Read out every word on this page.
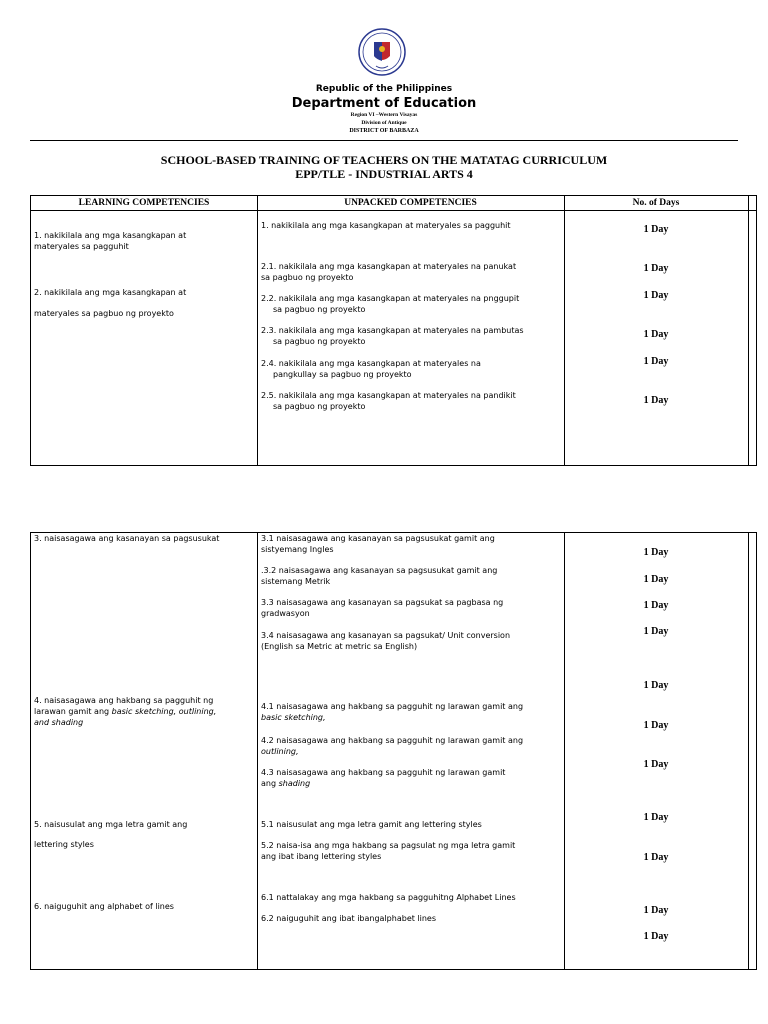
Republic of the Philippines
Department of Education
Region VI –Western Visayas
Division of Antique
DISTRICT OF BARBAZA
SCHOOL-BASED TRAINING OF TEACHERS ON THE MATATAG CURRICULUM
EPP/TLE - INDUSTRIAL ARTS 4
LEARNING COMPETENCIES	UNPACKED COMPETENCIES	No. of Days
1. nakikilala ang mga kasangkapan at
materyales sa pagguhit
2. nakikilala ang mga kasangkapan at
materyales sa pagbuo ng proyekto
1. nakikilala ang mga kasangkapan at materyales sa pagguhit
2.1. nakikilala ang mga kasangkapan at materyales na panukat
sa pagbuo ng proyekto
2.2. nakikilala ang mga kasangkapan at materyales na pnggupit
sa pagbuo ng proyekto
2.3. nakikilala ang mga kasangkapan at materyales na pambutas
sa pagbuo ng proyekto
2.4. nakikilala ang mga kasangkapan at materyales na
pangkullay sa pagbuo ng proyekto
2.5. nakikilala ang mga kasangkapan at materyales na pandikit
sa pagbuo ng proyekto
1 Day
1 Day
1 Day
1 Day
1 Day
1 Day
3. naisasagawa ang kasanayan sa pagsusukat
4. naisasagawa ang hakbang sa pagguhit ng
larawan gamit ang basic sketching, outlining,
and shading
5. naisusulat ang mga letra gamit ang
lettering styles
6. naiguguhit ang alphabet of lines
3.1 naisasagawa ang kasanayan sa pagsusukat gamit ang
sistyemang Ingles
.3.2 naisasagawa ang kasanayan sa pagsusukat gamit ang
sistemang Metrik
3.3 naisasagawa ang kasanayan sa pagsukat sa pagbasa ng
gradwasyon
3.4 naisasagawa ang kasanayan sa pagsukat/ Unit conversion
(English sa Metric at metric sa English)
4.1 naisasagawa ang hakbang sa pagguhit ng larawan gamit ang
basic sketching,
4.2 naisasagawa ang hakbang sa pagguhit ng larawan gamit ang
outlining,
4.3 naisasagawa ang hakbang sa pagguhit ng larawan gamit
ang shading
5.1 naisusulat ang mga letra gamit ang lettering styles
5.2 naisa-isa ang mga hakbang sa pagsulat ng mga letra gamit
ang ibat ibang lettering styles
6.1 nattalakay ang mga hakbang sa pagguhitng Alphabet Lines
6.2 naiguguhit ang ibat ibangalphabet lines
1 Day
1 Day
1 Day
1 Day
1 Day
1 Day
1 Day
1 Day
1 Day
1 Day
1 Day
